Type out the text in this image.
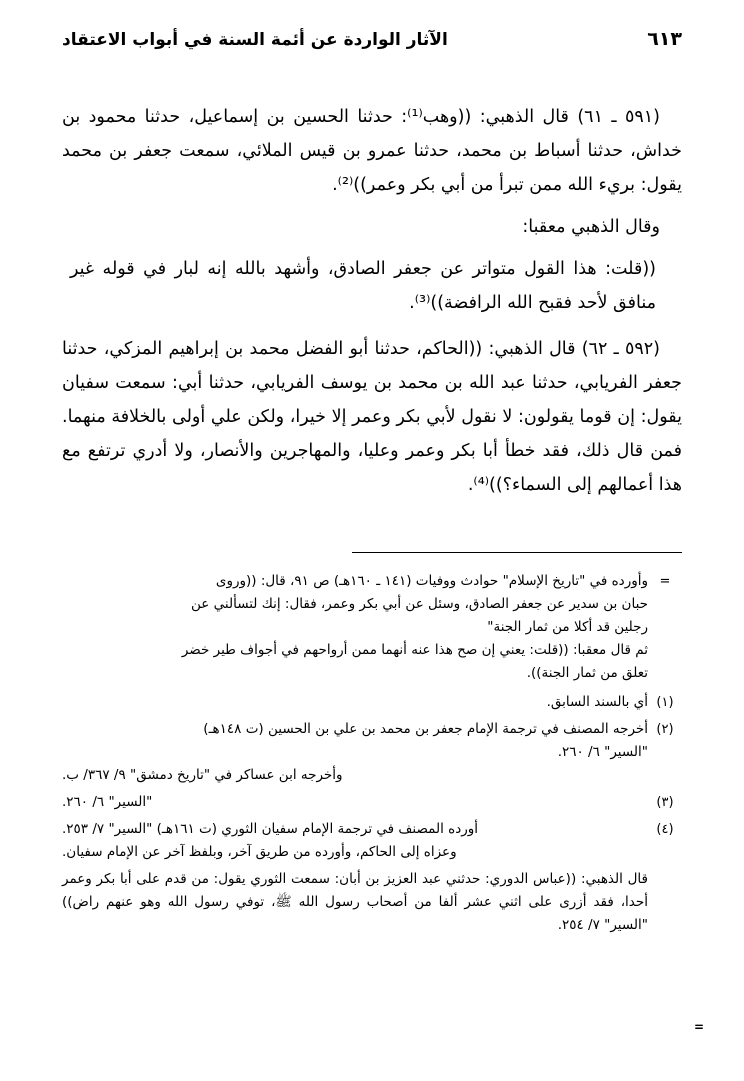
الآثار الواردة عن أئمة السنة في أبواب الاعتقاد	٦١٣

(٥٩١ ـ ٦١) قال الذهبي: ((وهب⁽¹⁾: حدثنا الحسين بن إسماعيل، حدثنا محمود بن خداش، حدثنا أسباط بن محمد، حدثنا عمرو بن قيس الملائي، سمعت جعفر بن محمد يقول: بريء الله ممن تبرأ من أبي بكر وعمر))⁽²⁾.

وقال الذهبي معقبا:

((قلت: هذا القول متواتر عن جعفر الصادق، وأشهد بالله إنه لبار في قوله غير منافق لأحد فقبح الله الرافضة))⁽³⁾.

(٥٩٢ ـ ٦٢) قال الذهبي: ((الحاكم، حدثنا أبو الفضل محمد بن إبراهيم المزكي، حدثنا جعفر الفريابي، حدثنا عبد الله بن محمد بن يوسف الفريابي، حدثنا أبي: سمعت سفيان يقول: إن قوما يقولون: لا نقول لأبي بكر وعمر إلا خيرا، ولكن علي أولى بالخلافة منهما. فمن قال ذلك، فقد خطأ أبا بكر وعمر وعليا، والمهاجرين والأنصار، ولا أدري ترتفع مع هذا أعمالهم إلى السماء؟))⁽⁴⁾.

=
وأورده في "تاريخ الإسلام" حوادث ووفيات (١٤١ ـ ١٦٠هـ) ص ٩١، قال: ((وروى
حبان بن سدير عن جعفر الصادق، وسئل عن أبي بكر وعمر، فقال: إنك لتسألني عن
رجلين قد أكلا من ثمار الجنة"
ثم قال معقبا: ((قلت: يعني إن صح هذا عنه أنهما ممن أرواحهم في أجواف طير خضر
تعلق من ثمار الجنة)).
(١)
أي بالسند السابق.
(٢)
أخرجه المصنف في ترجمة الإمام جعفر بن محمد بن علي بن الحسين (ت ١٤٨هـ)
"السير" ٦/ ٢٦٠.
وأخرجه ابن عساكر في "تاريخ دمشق" ٩/ ٣٦٧/ ب.
(٣)
"السير" ٦/ ٢٦٠.
(٤)
أورده المصنف في ترجمة الإمام سفيان الثوري (ت ١٦١هـ) "السير" ٧/ ٢٥٣.
وعزاه إلى الحاكم، وأورده من طريق آخر، وبلفظ آخر عن الإمام سفيان.
قال الذهبي: ((عباس الدوري: حدثني عبد العزيز بن أبان: سمعت الثوري يقول: من قدم على أبا بكر وعمر أحدا، فقد أزرى على اثني عشر ألفا من أصحاب رسول الله ﷺ، توفي رسول الله وهو عنهم راض)) "السير" ٧/ ٢٥٤.
=
